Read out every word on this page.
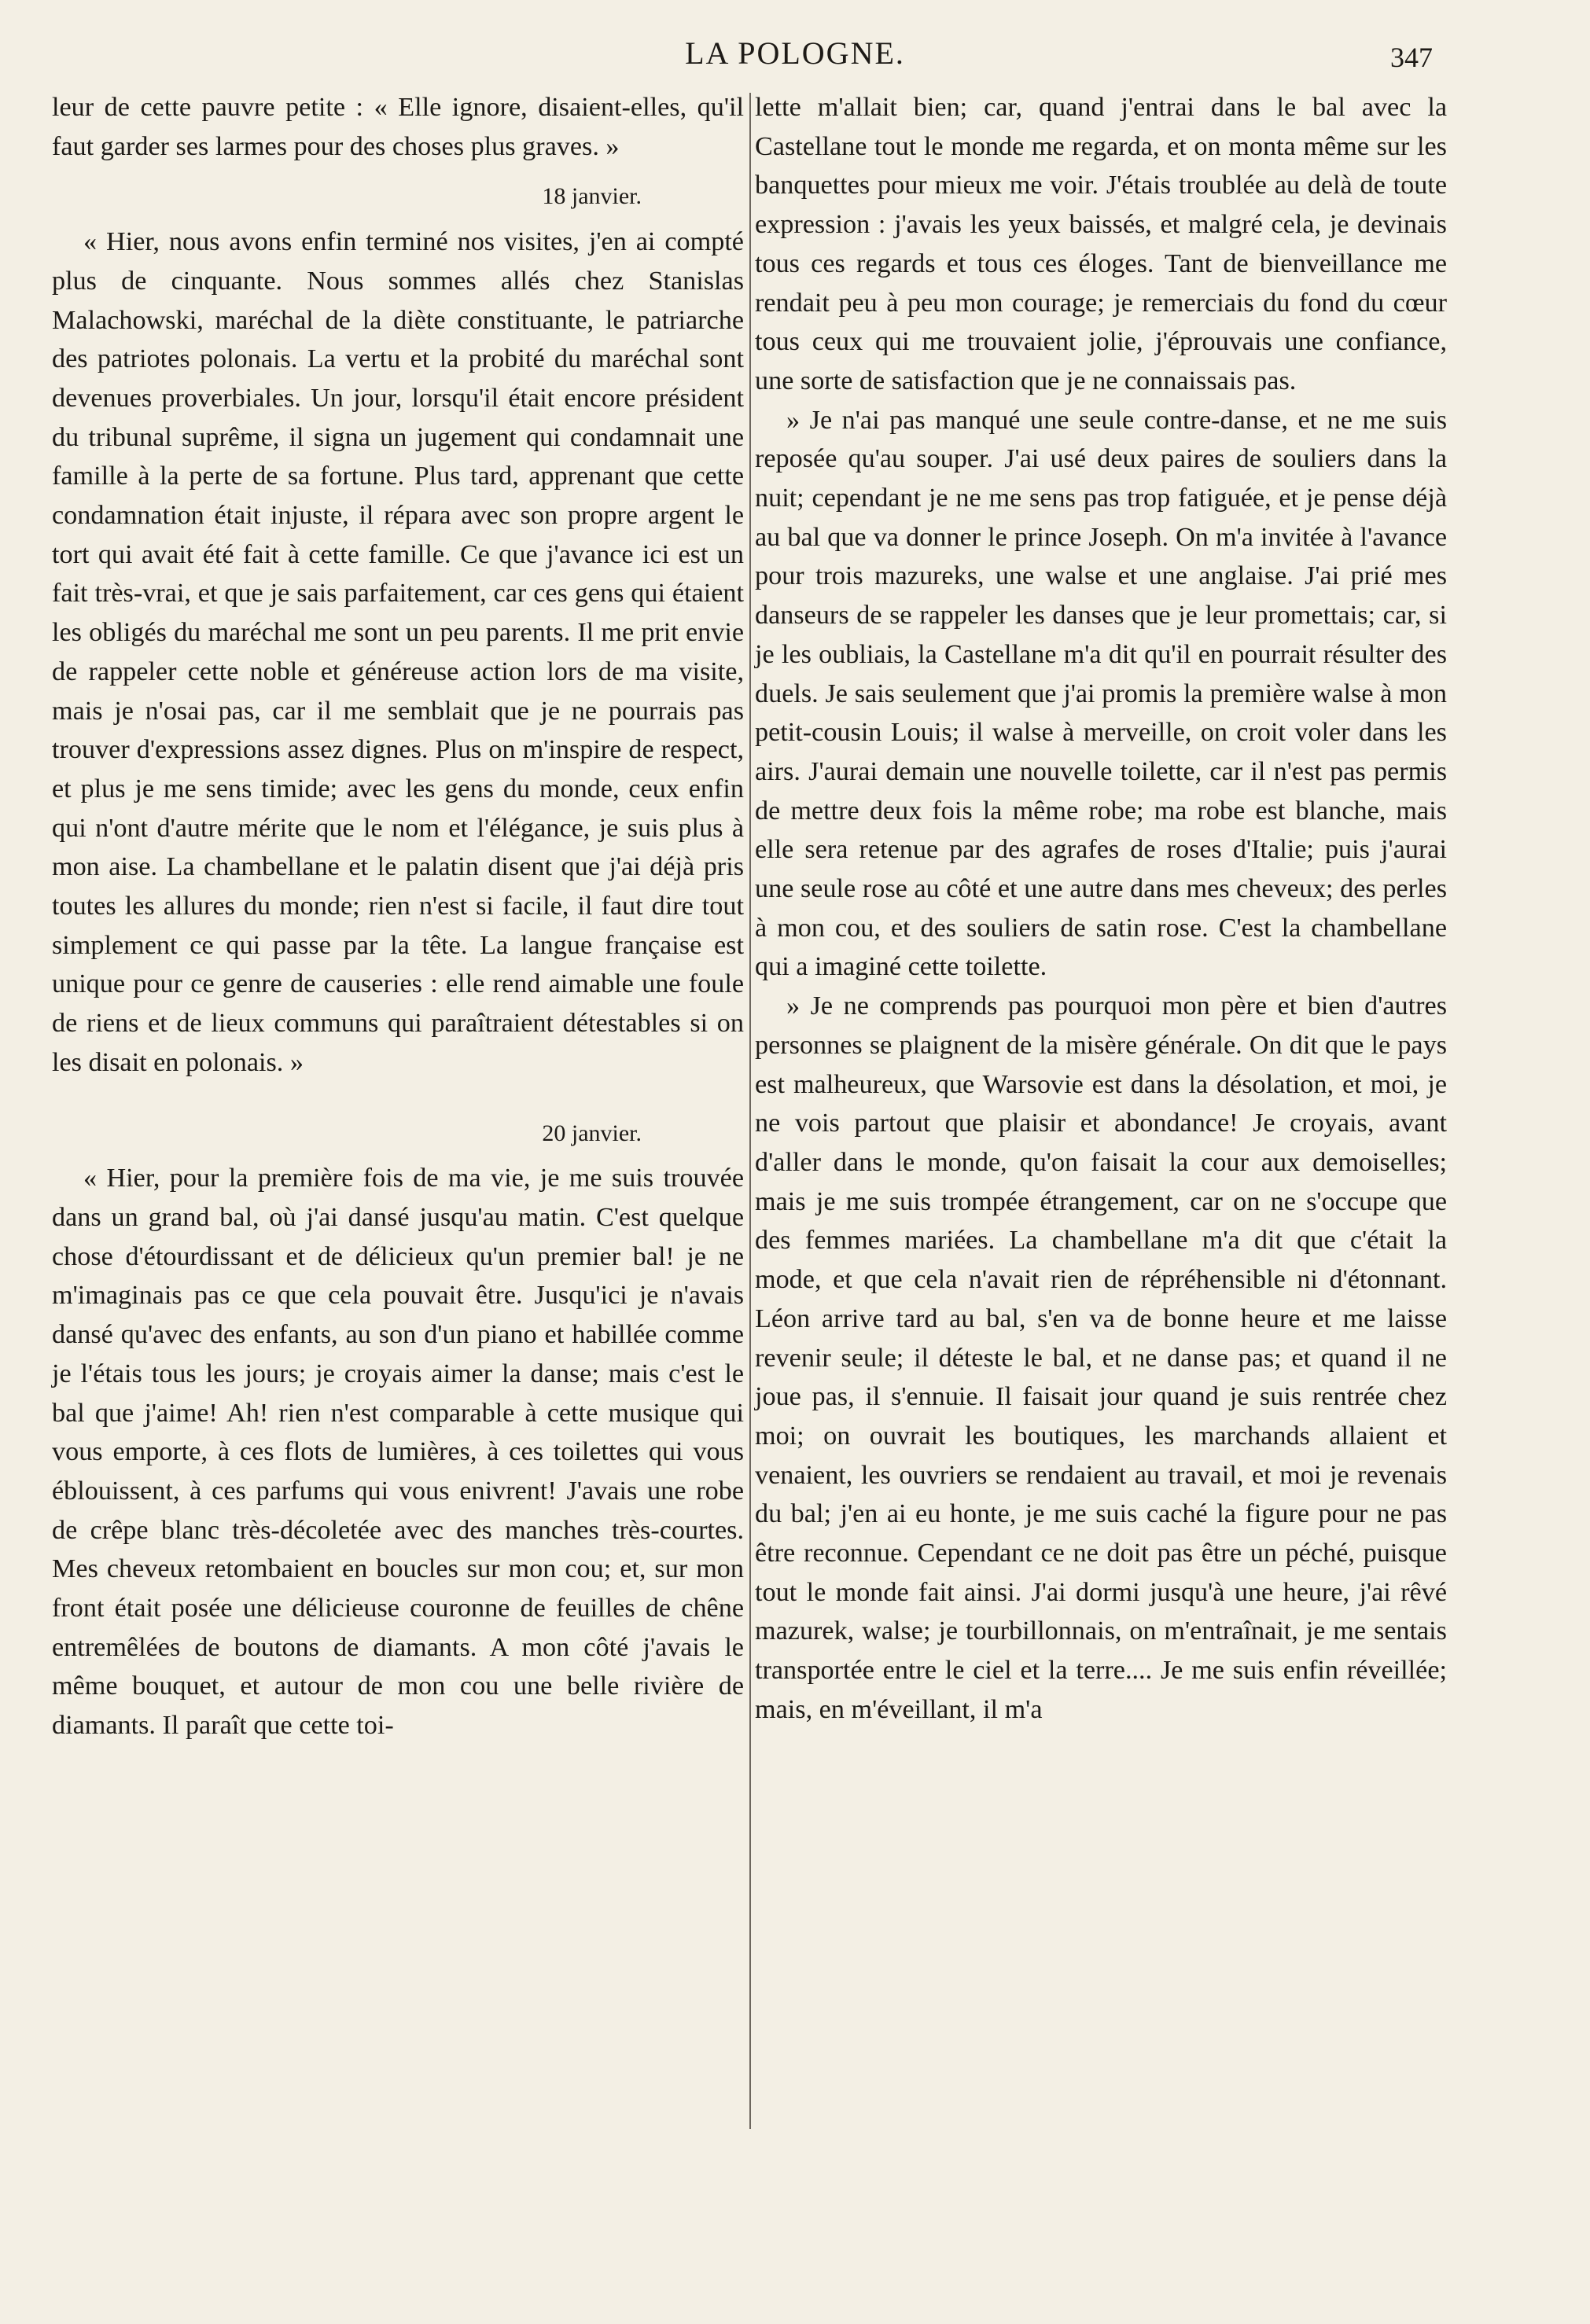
LA POLOGNE.	347

leur de cette pauvre petite : « Elle ignore, disaient-elles, qu'il faut garder ses larmes pour des choses plus graves. »

18 janvier.

« Hier, nous avons enfin terminé nos visites, j'en ai compté plus de cinquante. Nous sommes allés chez Stanislas Malachowski, maréchal de la diète constituante, le patriarche des patriotes polonais. La vertu et la probité du maréchal sont devenues proverbiales. Un jour, lorsqu'il était encore président du tribunal suprême, il signa un jugement qui condamnait une famille à la perte de sa fortune. Plus tard, apprenant que cette condamnation était injuste, il répara avec son propre argent le tort qui avait été fait à cette famille. Ce que j'avance ici est un fait très-vrai, et que je sais parfaitement, car ces gens qui étaient les obligés du maréchal me sont un peu parents. Il me prit envie de rappeler cette noble et généreuse action lors de ma visite, mais je n'osai pas, car il me semblait que je ne pourrais pas trouver d'expressions assez dignes. Plus on m'inspire de respect, et plus je me sens timide; avec les gens du monde, ceux enfin qui n'ont d'autre mérite que le nom et l'élégance, je suis plus à mon aise. La chambellane et le palatin disent que j'ai déjà pris toutes les allures du monde; rien n'est si facile, il faut dire tout simplement ce qui passe par la tête. La langue française est unique pour ce genre de causeries : elle rend aimable une foule de riens et de lieux communs qui paraîtraient détestables si on les disait en polonais. »

20 janvier.

« Hier, pour la première fois de ma vie, je me suis trouvée dans un grand bal, où j'ai dansé jusqu'au matin. C'est quelque chose d'étourdissant et de délicieux qu'un premier bal! je ne m'imaginais pas ce que cela pouvait être. Jusqu'ici je n'avais dansé qu'avec des enfants, au son d'un piano et habillée comme je l'étais tous les jours; je croyais aimer la danse; mais c'est le bal que j'aime! Ah! rien n'est comparable à cette musique qui vous emporte, à ces flots de lumières, à ces toilettes qui vous éblouissent, à ces parfums qui vous enivrent! J'avais une robe de crêpe blanc très-décoletée avec des manches très-courtes. Mes cheveux retombaient en boucles sur mon cou; et, sur mon front était posée une délicieuse couronne de feuilles de chêne entremêlées de boutons de diamants. A mon côté j'avais le même bouquet, et autour de mon cou une belle rivière de diamants. Il paraît que cette toi-

lette m'allait bien; car, quand j'entrai dans le bal avec la Castellane tout le monde me regarda, et on monta même sur les banquettes pour mieux me voir. J'étais troublée au delà de toute expression : j'avais les yeux baissés, et malgré cela, je devinais tous ces regards et tous ces éloges. Tant de bienveillance me rendait peu à peu mon courage; je remerciais du fond du cœur tous ceux qui me trouvaient jolie, j'éprouvais une confiance, une sorte de satisfaction que je ne connaissais pas.

» Je n'ai pas manqué une seule contre-danse, et ne me suis reposée qu'au souper. J'ai usé deux paires de souliers dans la nuit; cependant je ne me sens pas trop fatiguée, et je pense déjà au bal que va donner le prince Joseph. On m'a invitée à l'avance pour trois mazureks, une walse et une anglaise. J'ai prié mes danseurs de se rappeler les danses que je leur promettais; car, si je les oubliais, la Castellane m'a dit qu'il en pourrait résulter des duels. Je sais seulement que j'ai promis la première walse à mon petit-cousin Louis; il walse à merveille, on croit voler dans les airs. J'aurai demain une nouvelle toilette, car il n'est pas permis de mettre deux fois la même robe; ma robe est blanche, mais elle sera retenue par des agrafes de roses d'Italie; puis j'aurai une seule rose au côté et une autre dans mes cheveux; des perles à mon cou, et des souliers de satin rose. C'est la chambellane qui a imaginé cette toilette.

» Je ne comprends pas pourquoi mon père et bien d'autres personnes se plaignent de la misère générale. On dit que le pays est malheureux, que Warsovie est dans la désolation, et moi, je ne vois partout que plaisir et abondance! Je croyais, avant d'aller dans le monde, qu'on faisait la cour aux demoiselles; mais je me suis trompée étrangement, car on ne s'occupe que des femmes mariées. La chambellane m'a dit que c'était la mode, et que cela n'avait rien de répréhensible ni d'étonnant. Léon arrive tard au bal, s'en va de bonne heure et me laisse revenir seule; il déteste le bal, et ne danse pas; et quand il ne joue pas, il s'ennuie. Il faisait jour quand je suis rentrée chez moi; on ouvrait les boutiques, les marchands allaient et venaient, les ouvriers se rendaient au travail, et moi je revenais du bal; j'en ai eu honte, je me suis caché la figure pour ne pas être reconnue. Cependant ce ne doit pas être un péché, puisque tout le monde fait ainsi. J'ai dormi jusqu'à une heure, j'ai rêvé mazurek, walse; je tourbillonnais, on m'entraînait, je me sentais transportée entre le ciel et la terre.... Je me suis enfin réveillée; mais, en m'éveillant, il m'a
